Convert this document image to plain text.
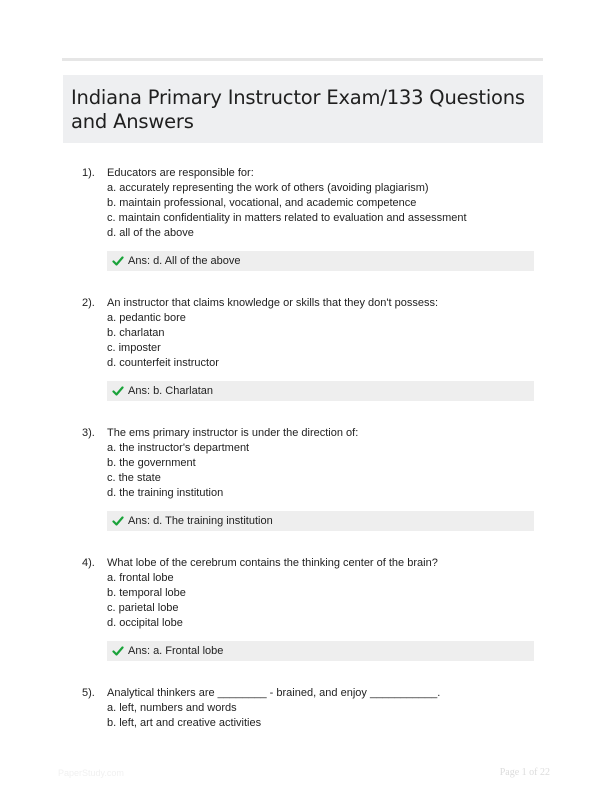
Indiana Primary Instructor Exam/133 Questions and Answers
1). Educators are responsible for:
a. accurately representing the work of others (avoiding plagiarism)
b. maintain professional, vocational, and academic competence
c. maintain confidentiality in matters related to evaluation and assessment
d. all of the above
Ans: d. All of the above
2). An instructor that claims knowledge or skills that they don't possess:
a. pedantic bore
b. charlatan
c. imposter
d. counterfeit instructor
Ans: b. Charlatan
3). The ems primary instructor is under the direction of:
a. the instructor's department
b. the government
c. the state
d. the training institution
Ans: d. The training institution
4). What lobe of the cerebrum contains the thinking center of the brain?
a. frontal lobe
b. temporal lobe
c. parietal lobe
d. occipital lobe
Ans: a. Frontal lobe
5). Analytical thinkers are ________ - brained, and enjoy ___________.
a. left, numbers and words
b. left, art and creative activities
PaperStudy.com	Page 1 of 22
